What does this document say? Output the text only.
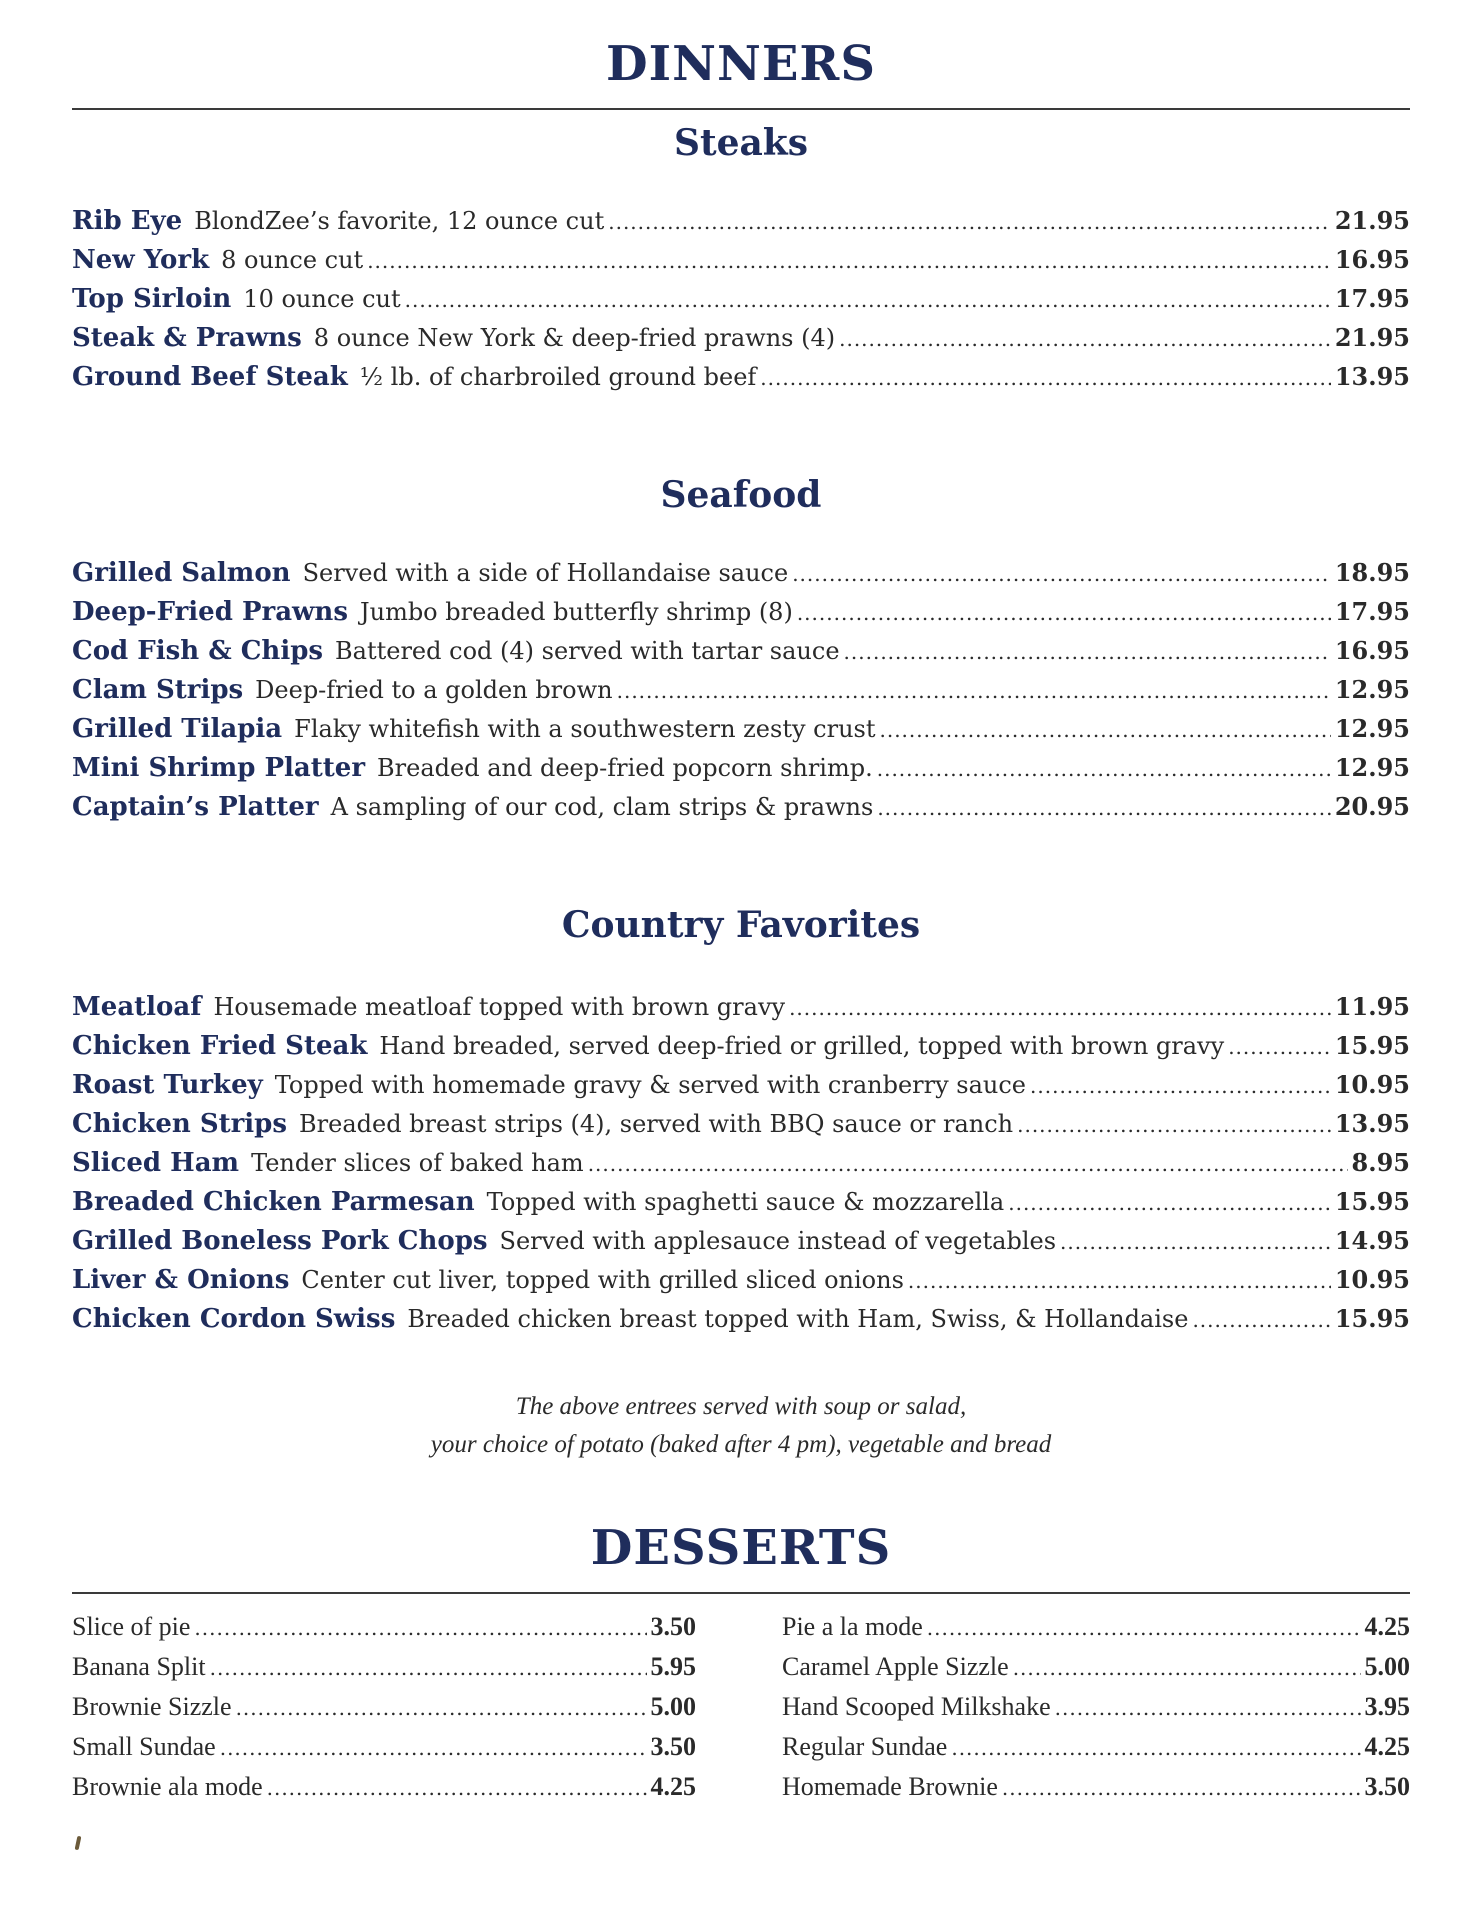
DINNERS
Steaks
Rib Eye BlondZee’s favorite, 12 ounce cut .....	21.95
New York 8 ounce cut .....	16.95
Top Sirloin 10 ounce cut .....	17.95
Steak & Prawns 8 ounce New York & deep-fried prawns (4) .....	21.95
Ground Beef Steak ½ lb. of charbroiled ground beef .....	13.95
Seafood
Grilled Salmon Served with a side of Hollandaise sauce .....	18.95
Deep-Fried Prawns Jumbo breaded butterfly shrimp (8) .....	17.95
Cod Fish & Chips Battered cod (4) served with tartar sauce .....	16.95
Clam Strips Deep-fried to a golden brown .....	12.95
Grilled Tilapia Flaky whitefish with a southwestern zesty crust .....	12.95
Mini Shrimp Platter Breaded and deep-fried popcorn shrimp. .....	12.95
Captain’s Platter A sampling of our cod, clam strips & prawns .....	20.95
Country Favorites
Meatloaf Housemade meatloaf topped with brown gravy .....	11.95
Chicken Fried Steak Hand breaded, served deep-fried or grilled, topped with brown gravy .....	15.95
Roast Turkey Topped with homemade gravy & served with cranberry sauce .....	10.95
Chicken Strips Breaded breast strips (4), served with BBQ sauce or ranch .....	13.95
Sliced Ham Tender slices of baked ham .....	8.95
Breaded Chicken Parmesan Topped with spaghetti sauce & mozzarella .....	15.95
Grilled Boneless Pork Chops Served with applesauce instead of vegetables .....	14.95
Liver & Onions Center cut liver, topped with grilled sliced onions .....	10.95
Chicken Cordon Swiss Breaded chicken breast topped with Ham, Swiss, & Hollandaise .....	15.95
The above entrees served with soup or salad,
your choice of potato (baked after 4 pm), vegetable and bread
DESSERTS
Slice of pie .....	3.50
Banana Split .....	5.95
Brownie Sizzle .....	5.00
Small Sundae .....	3.50
Brownie ala mode .....	4.25
Pie a la mode .....	4.25
Caramel Apple Sizzle .....	5.00
Hand Scooped Milkshake .....	3.95
Regular Sundae .....	4.25
Homemade Brownie .....	3.50
